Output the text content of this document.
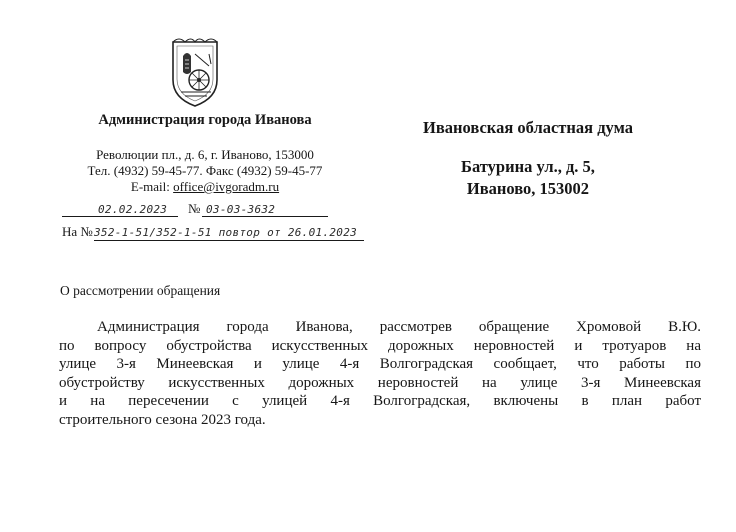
Администрация города Иванова
Революции пл., д. 6, г. Иваново, 153000
Тел. (4932) 59-45-77. Факс (4932) 59-45-77
E-mail: office@ivgoradm.ru
02.02.2023 № 03-03-3632
На № 352-1-51/352-1-51 повтор от 26.01.2023
Ивановская областная дума
Батурина ул., д. 5,
Иваново, 153002
О рассмотрении обращения
Администрация города Иванова, рассмотрев обращение Хромовой В.Ю.
по вопросу обустройства искусственных дорожных неровностей и тротуаров на
улице 3-я Минеевская и улице 4-я Волгоградская сообщает, что работы по
обустройству искусственных дорожных неровностей на улице 3-я Минеевская
и на пересечении с улицей 4-я Волгоградская, включены в план работ
строительного сезона 2023 года.
